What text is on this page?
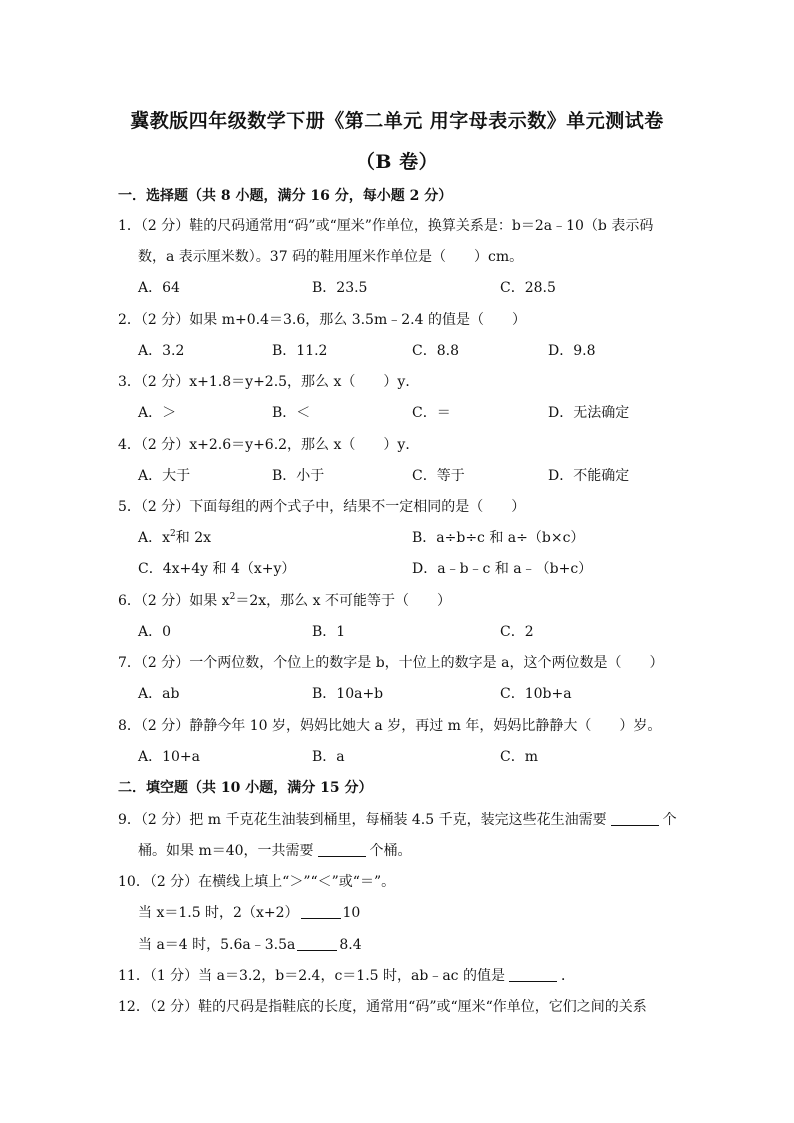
冀教版四年级数学下册《第二单元 用字母表示数》单元测试卷
（B 卷）
一．选择题（共 8 小题，满分 16 分，每小题 2 分）
1．（2 分）鞋的尺码通常用“码”或“厘米”作单位，换算关系是：b＝2a﹣10（b 表示码
数，a 表示厘米数）。37 码的鞋用厘米作单位是（　　）cm。
A．64	B．23.5	C．28.5
2．（2 分）如果 m+0.4＝3.6，那么 3.5m﹣2.4 的值是（　　）
A．3.2	B．11.2	C．8.8	D．9.8
3．（2 分）x+1.8＝y+2.5，那么 x（　　）y．
A．＞	B．＜	C．＝	D．无法确定
4．（2 分）x+2.6＝y+6.2，那么 x（　　）y．
A．大于	B．小于	C．等于	D．不能确定
5．（2 分）下面每组的两个式子中，结果不一定相同的是（　　）
A．$x^2$和 2x	B．a÷b÷c 和 a÷（b×c）
C．4x+4y 和 4（x+y）	D．a﹣b﹣c 和 a﹣（b+c）
6．（2 分）如果 $x^2=2x$，那么 x 不可能等于（　　）
A．0	B．1	C．2
7．（2 分）一个两位数，个位上的数字是 b，十位上的数字是 a，这个两位数是（　　）
A．ab	B．10a+b	C．10b+a
8．（2 分）静静今年 10 岁，妈妈比她大 a 岁，再过 m 年，妈妈比静静大（　　）岁。
A．10+a	B．a	C．m
二．填空题（共 10 小题，满分 15 分）
9．（2 分）把 m 千克花生油装到桶里，每桶装 4.5 千克，装完这些花生油需要	个
桶。如果 m＝40，一共需要	个桶。
10．（2 分）在横线上填上“＞”“＜”或“＝”。
当 x＝1.5 时，2（x+2）	10
当 a＝4 时，5.6a﹣3.5a	8.4
11．（1 分）当 a＝3.2，b＝2.4，c＝1.5 时，ab﹣ac 的值是	．
12．（2 分）鞋的尺码是指鞋底的长度，通常用“码”或“厘米“作单位，它们之间的关系
